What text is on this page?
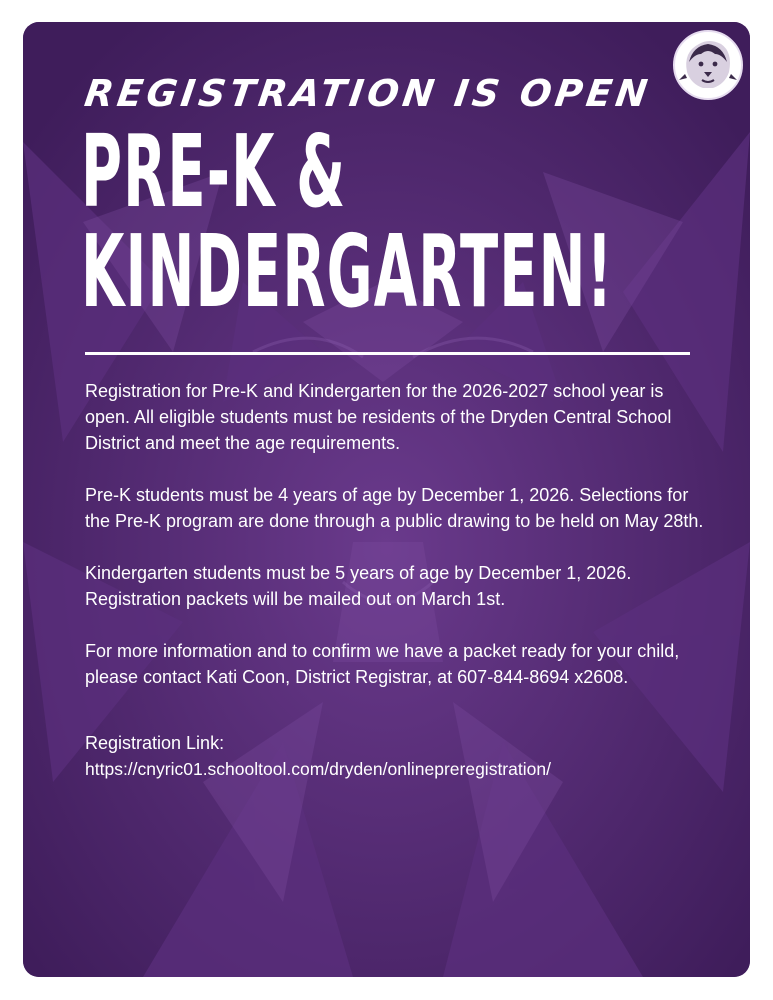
REGISTRATION IS OPEN
PRE-K &
KINDERGARTEN!

Registration for Pre-K and Kindergarten for the 2026-2027 school year is open. All eligible students must be residents of the Dryden Central School District and meet the age requirements.

Pre-K students must be 4 years of age by December 1, 2026. Selections for the Pre-K program are done through a public drawing to be held on May 28th.

Kindergarten students must be 5 years of age by December 1, 2026. Registration packets will be mailed out on March 1st.

For more information and to confirm we have a packet ready for your child, please contact Kati Coon, District Registrar, at 607-844-8694 x2608.

Registration Link:
https://cnyric01.schooltool.com/dryden/onlinepreregistration/
